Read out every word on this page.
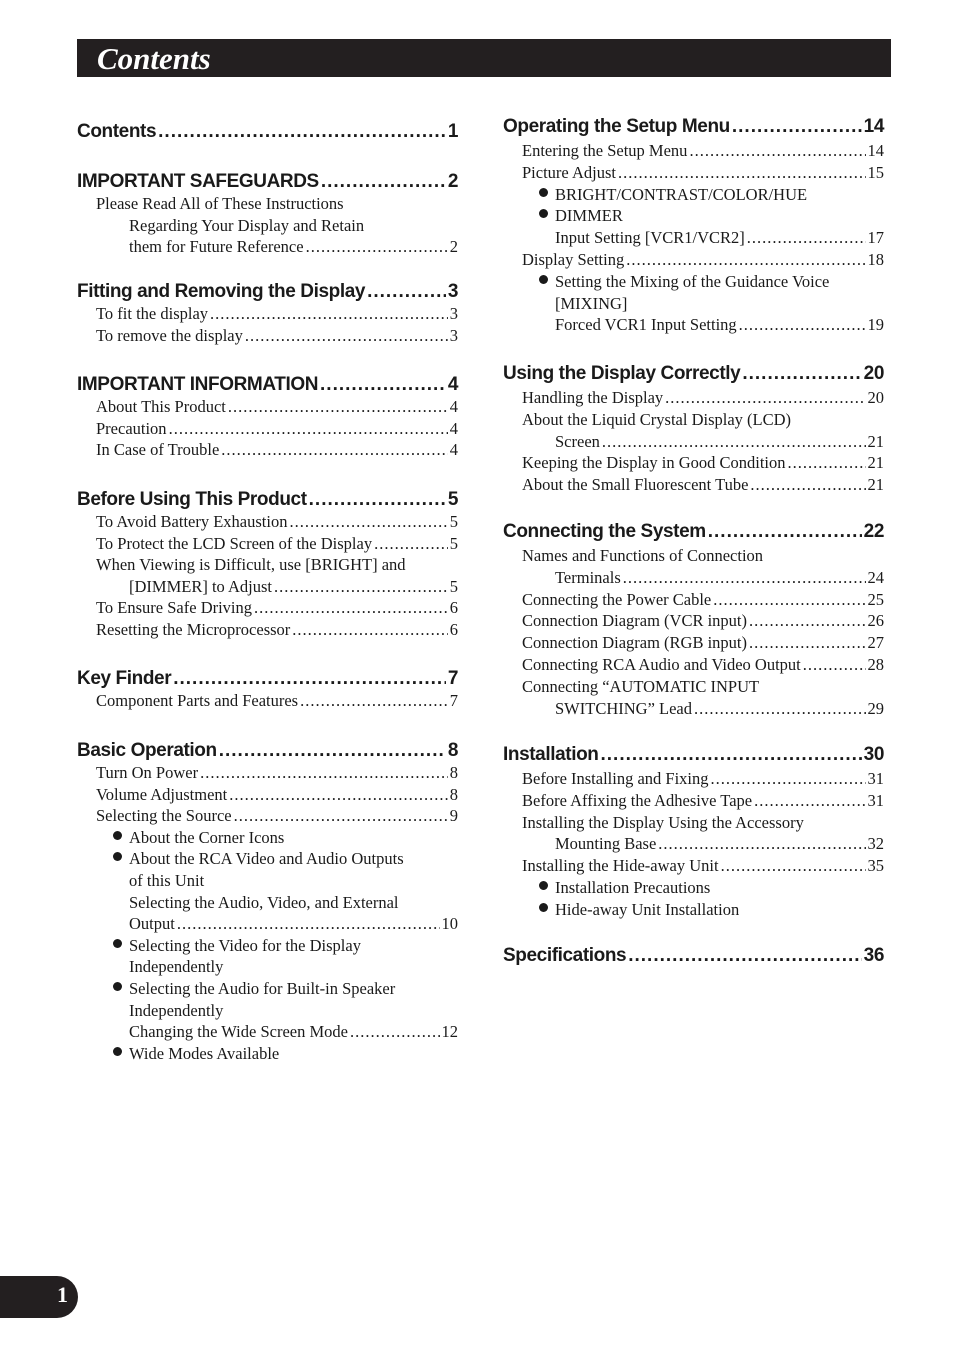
Contents
Contents .....	1
IMPORTANT SAFEGUARDS .....	2
Please Read All of These Instructions
Regarding Your Display and Retain
them for Future Reference .....	2
Fitting and Removing the Display .....	3
To fit the display .....	3
To remove the display .....	3
IMPORTANT INFORMATION .....	4
About This Product .....	4
Precaution .....	4
In Case of Trouble .....	4
Before Using This Product .....	5
To Avoid Battery Exhaustion .....	5
To Protect the LCD Screen of the Display .....	5
When Viewing is Difficult, use [BRIGHT] and
[DIMMER] to Adjust .....	5
To Ensure Safe Driving .....	6
Resetting the Microprocessor .....	6
Key Finder .....	7
Component Parts and Features .....	7
Basic Operation .....	8
Turn On Power .....	8
Volume Adjustment .....	8
Selecting the Source .....	9
About the Corner Icons
About the RCA Video and Audio Outputs
of this Unit
Selecting the Audio, Video, and External
Output .....	10
Selecting the Video for the Display
Independently
Selecting the Audio for Built-in Speaker
Independently
Changing the Wide Screen Mode .....	12
Wide Modes Available
Operating the Setup Menu .....	14
Entering the Setup Menu .....	14
Picture Adjust .....	15
BRIGHT/CONTRAST/COLOR/HUE
DIMMER
Input Setting [VCR1/VCR2] .....	17
Display Setting .....	18
Setting the Mixing of the Guidance Voice
[MIXING]
Forced VCR1 Input Setting .....	19
Using the Display Correctly .....	20
Handling the Display .....	20
About the Liquid Crystal Display (LCD)
Screen .....	21
Keeping the Display in Good Condition .....	21
About the Small Fluorescent Tube .....	21
Connecting the System .....	22
Names and Functions of Connection
Terminals .....	24
Connecting the Power Cable .....	25
Connection Diagram (VCR input) .....	26
Connection Diagram (RGB input) .....	27
Connecting RCA Audio and Video Output .....	28
Connecting “AUTOMATIC INPUT
SWITCHING” Lead .....	29
Installation .....	30
Before Installing and Fixing .....	31
Before Affixing the Adhesive Tape .....	31
Installing the Display Using the Accessory
Mounting Base .....	32
Installing the Hide-away Unit .....	35
Installation Precautions
Hide-away Unit Installation
Specifications .....	36
1
